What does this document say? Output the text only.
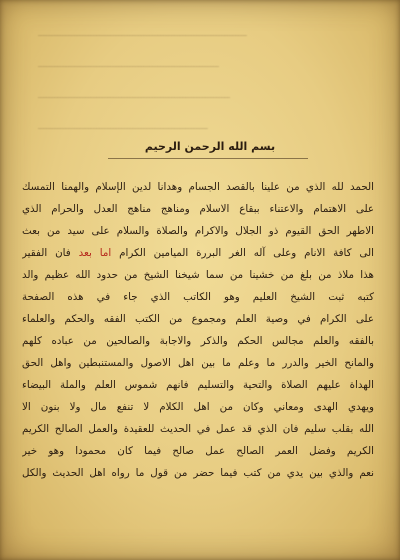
ـــــــــــــــــــــــــــــــــــــــــــــــــــــــــــــــــــــــــــ
ـــــــــــــــــــــــــــــــــــــــــــــــــــــــــــــــــ
ـــــــــــــــــــــــــــــــــــــــــــــــــــــــــــــــــــــ
ـــــــــــــــــــــــــــــــــــــــــــــــــــــــــــــ
بسم الله الرحمن الرحيم
الحمد لله الذي من علينا بالقصد الجسام وهدانا لدين الإسلام والهمنا التمسك
على الاهتمام والاعتناء ببقاع الاسلام ومناهج مناهج العدل والحرام الذي
الاطهر الحق القيوم ذو الجلال والاكرام والصلاة والسلام على سيد من بعث
الى كافة الانام وعلى آله الغر البررة الميامين الكرام اما بعد فان الفقير
هذا ملاذ من بلغ من خشينا من سما شيخنا الشيخ من حدود الله عظيم والد
كتبه ثبت الشيخ العليم وهو الكاتب الذي جاء في هذه الصفحة
على الكرام في وصية العلم ومجموع من الكتب الفقه والحكم والعلماء
بالفقه والعلم مجالس الحكم والذكر والاجابة والصالحين من عباده كلهم
والمانح الخير والدرر ما وعلم ما بين اهل الاصول والمستنبطين واهل الحق
الهداة عليهم الصلاة والتحية والتسليم فانهم شموس العلم والملة البيضاء
ويهدي الهدى ومعاني وكان من اهل الكلام لا تنفع مال ولا بنون الا
الله بقلب سليم فان الذي قد عمل في الحديث للعقيدة والعمل الصالح الكريم
الكريم وفضل العمر الصالح عمل صالح فيما كان محمودا وهو خير
نعم والذي بين يدي من كتب فيما حضر من قول ما رواه اهل الحديث والكل
